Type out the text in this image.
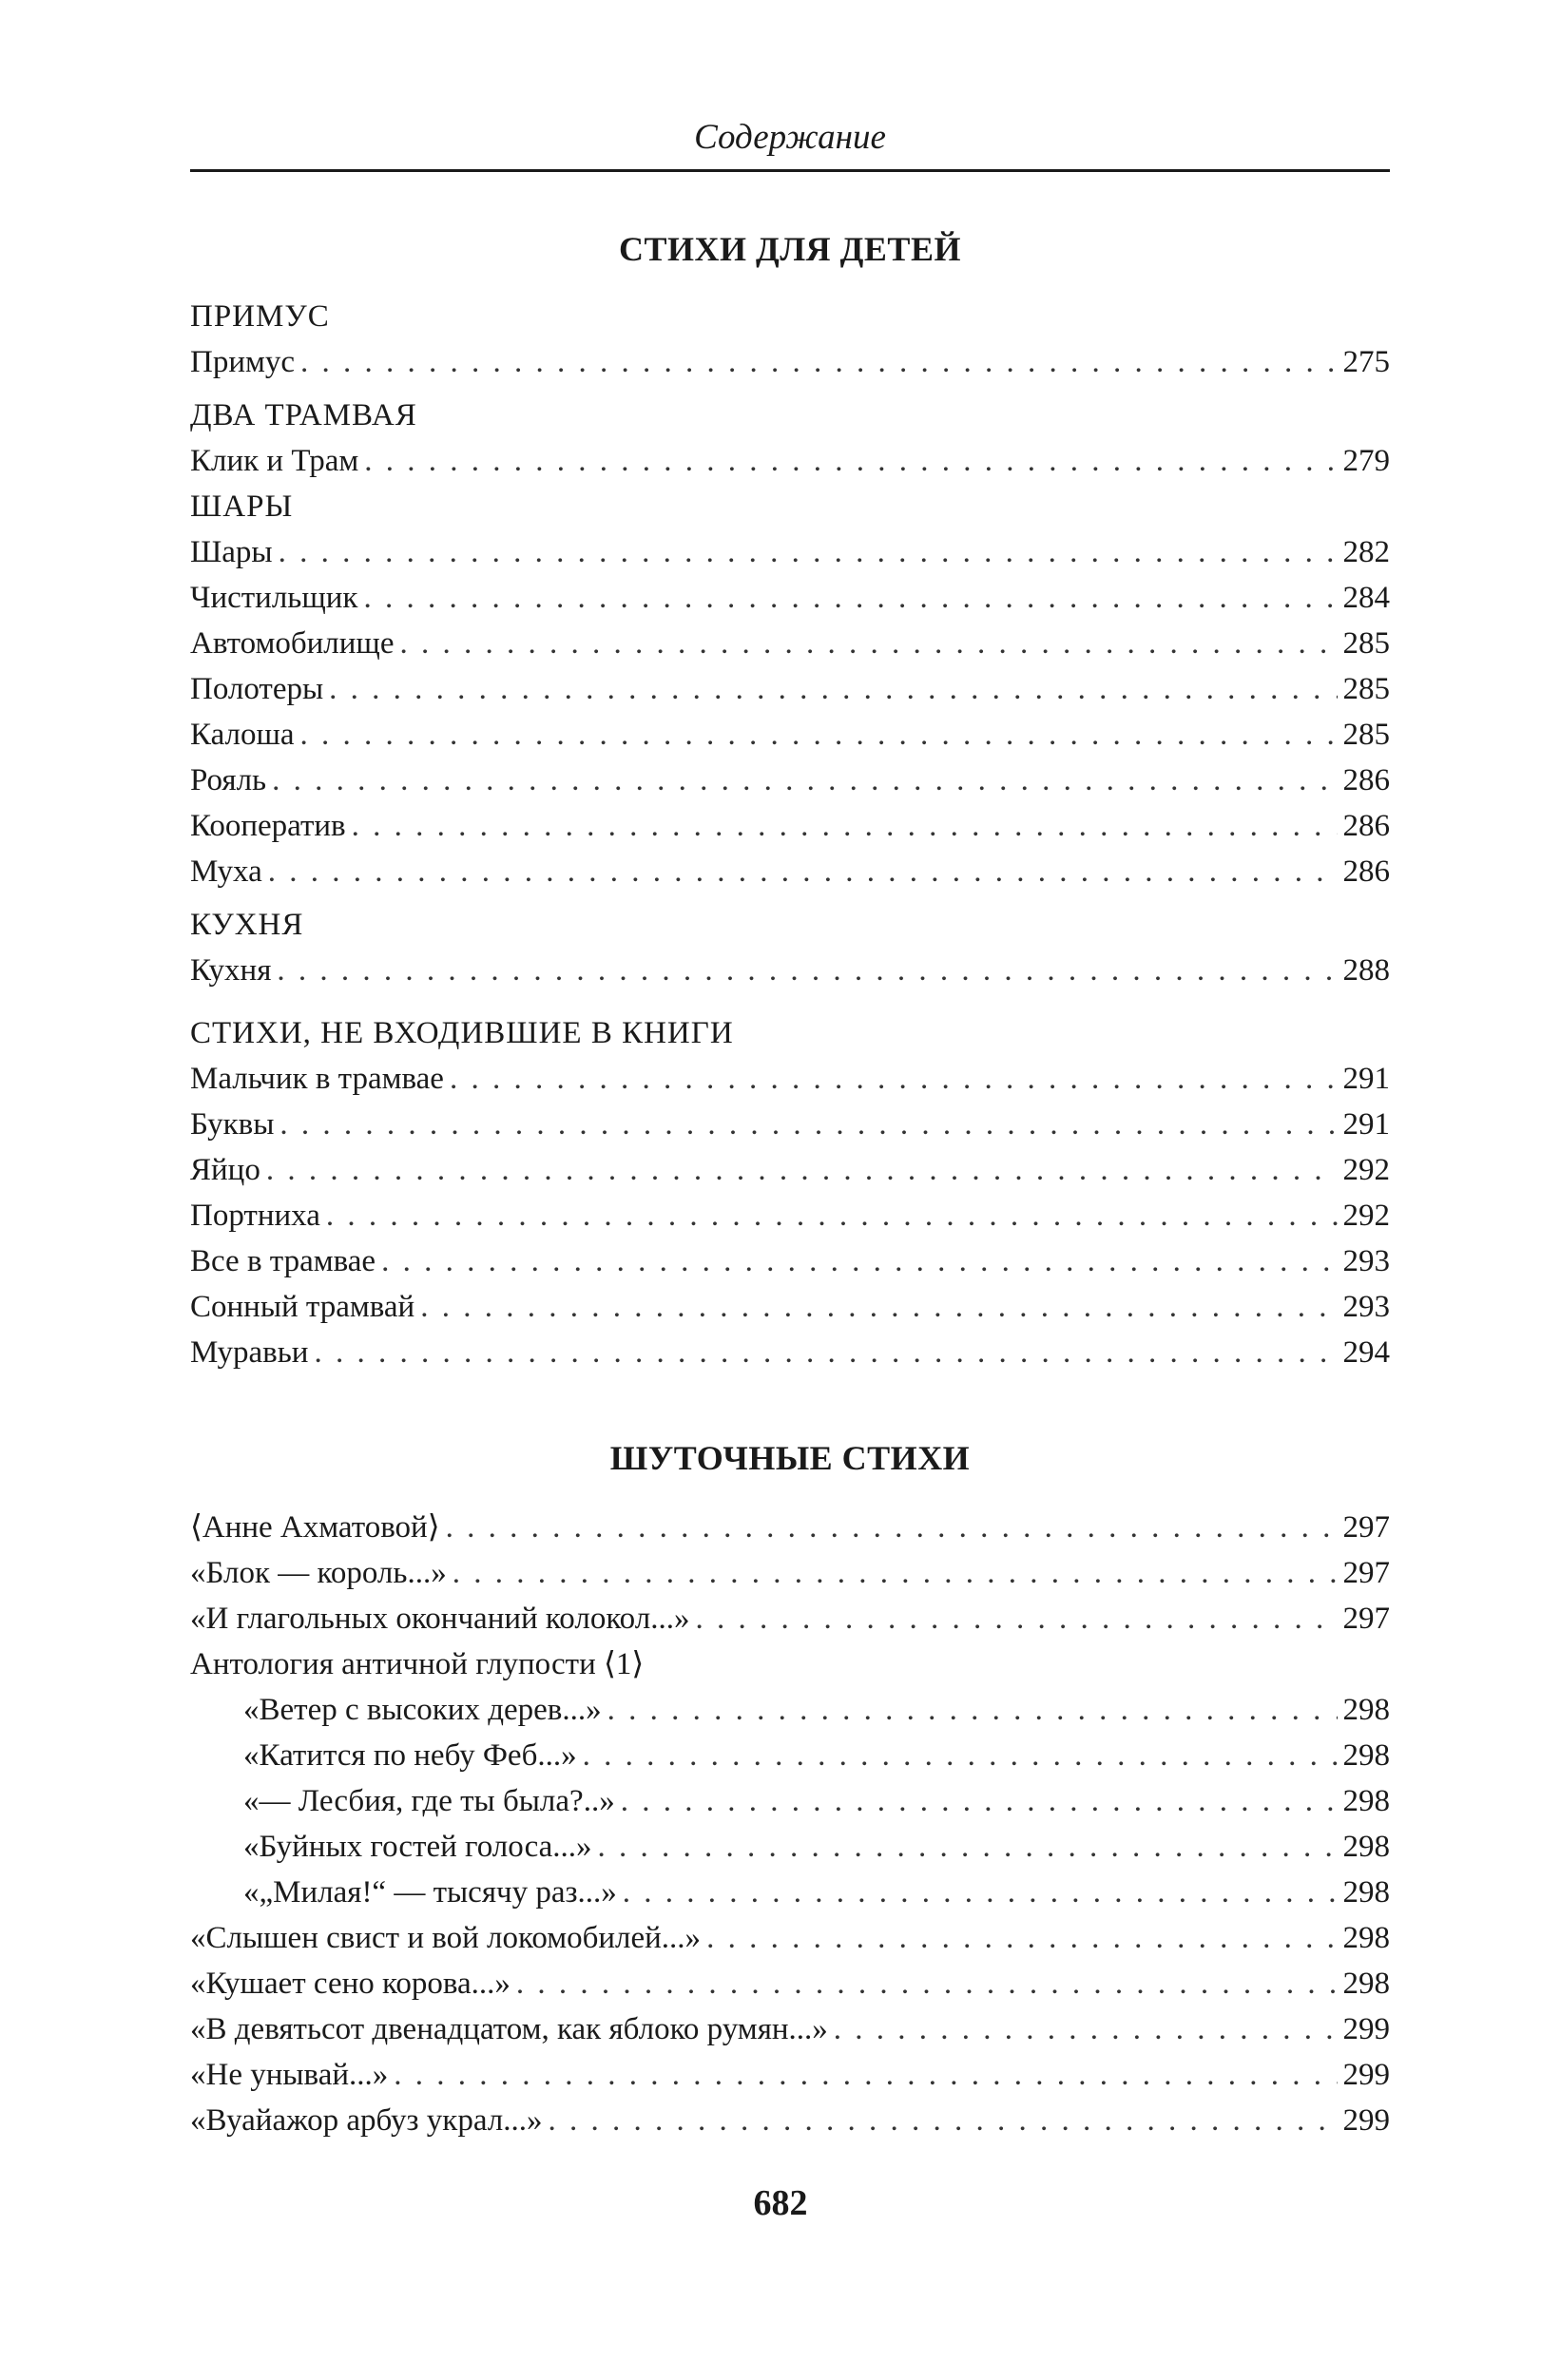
Содержание
СТИХИ ДЛЯ ДЕТЕЙ
ПРИМУС
Примус . . .	275
ДВА ТРАМВАЯ
Клик и Трам . . .	279
ШАРЫ
Шары . . .	282
Чистильщик . . .	284
Автомобилище . . .	285
Полотеры . . .	285
Калоша . . .	285
Рояль . . .	286
Кооператив . . .	286
Муха . . .	286
КУХНЯ
Кухня . . .	288
СТИХИ, НЕ ВХОДИВШИЕ В КНИГИ
Мальчик в трамвае . . .	291
Буквы . . .	291
Яйцо . . .	292
Портниха . . .	292
Все в трамвае . . .	293
Сонный трамвай . . .	293
Муравьи . . .	294
ШУТОЧНЫЕ СТИХИ
⟨Анне Ахматовой⟩ . . .	297
«Блок — король...» . . .	297
«И глагольных окончаний колокол...» . . .	297
Антология античной глупости ⟨1⟩
«Ветер с высоких дерев...» . . .	298
«Катится по небу Феб...» . . .	298
«— Лесбия, где ты была?..» . . .	298
«Буйных гостей голоса...» . . .	298
«„Милая!“ — тысячу раз...» . . .	298
«Слышен свист и вой локомобилей...» . . .	298
«Кушает сено корова...» . . .	298
«В девятьсот двенадцатом, как яблоко румян...» . . .	299
«Не унывай...» . . .	299
«Вуайажор арбуз украл...» . . .	299
682
